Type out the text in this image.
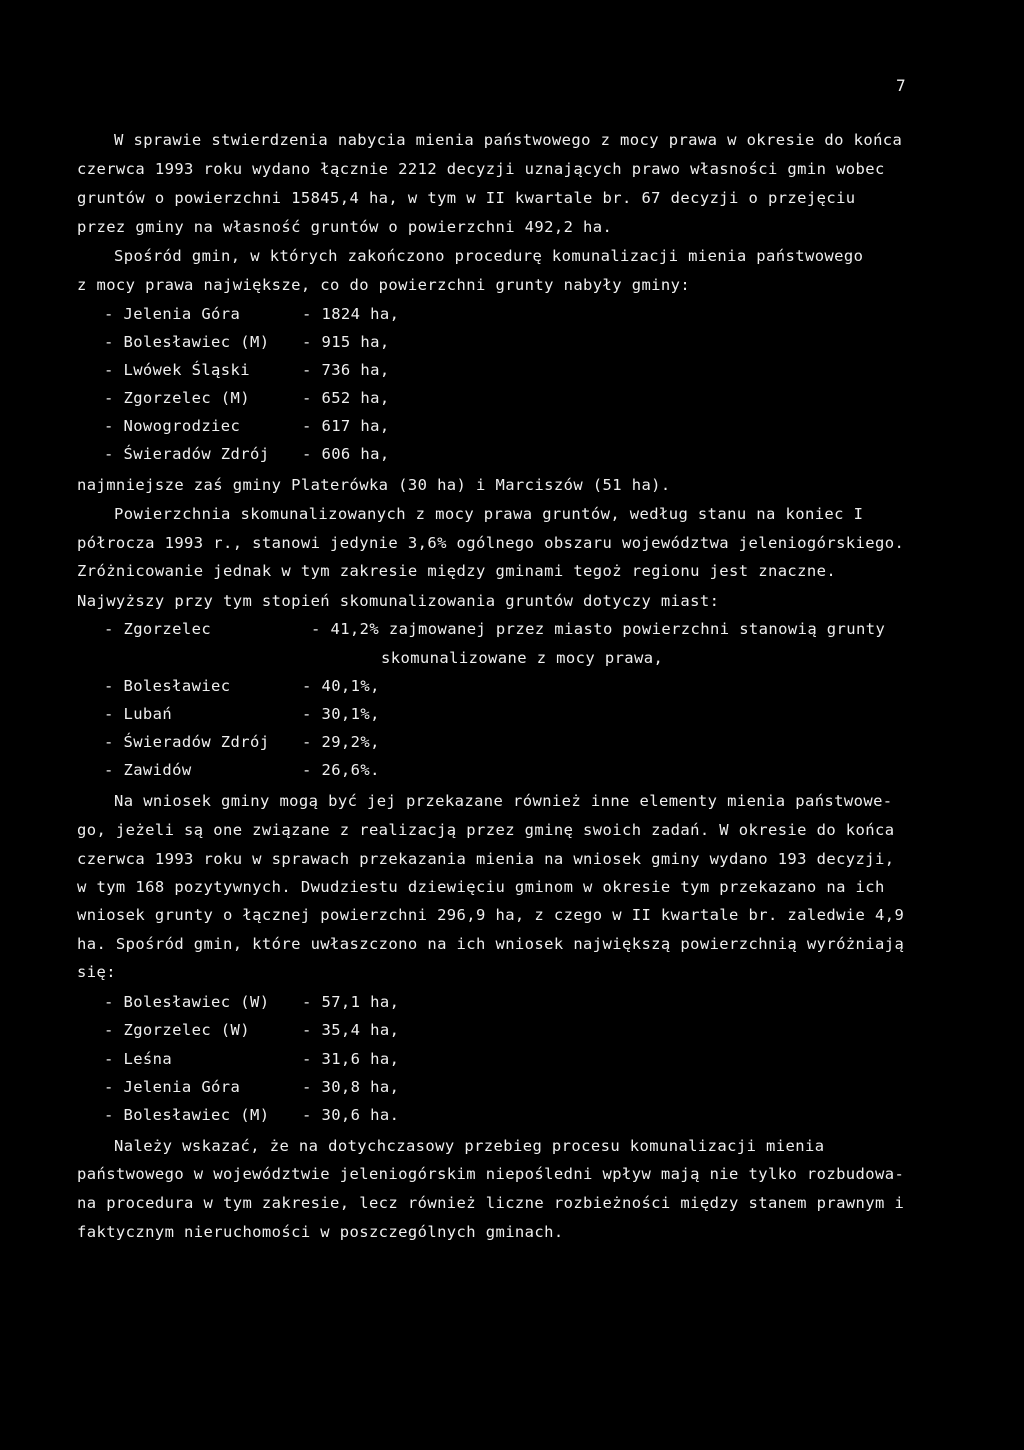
7
W sprawie stwierdzenia nabycia mienia państwowego z mocy prawa w okresie do końca
czerwca 1993 roku wydano łącznie 2212 decyzji uznających prawo własności gmin wobec
gruntów o powierzchni 15845,4 ha, w tym w II kwartale br. 67 decyzji o przejęciu
przez gminy na własność gruntów o powierzchni 492,2 ha.
Spośród gmin, w których zakończono procedurę komunalizacji mienia państwowego
z mocy prawa największe, co do powierzchni grunty nabyły gminy:
- Jelenia Góra	- 1824 ha,
- Bolesławiec (M) - 915 ha,
- Lwówek Śląski	- 736 ha,
- Zgorzelec (M)	- 652 ha,
- Nowogrodziec	- 617 ha,
- Świeradów Zdrój - 606 ha,
najmniejsze zaś gminy Platerówka (30 ha) i Marciszów (51 ha).
Powierzchnia skomunalizowanych z mocy prawa gruntów, według stanu na koniec I
półrocza 1993 r., stanowi jedynie 3,6% ogólnego obszaru województwa jeleniogórskiego.
Zróżnicowanie jednak w tym zakresie między gminami tegoż regionu jest znaczne.
Najwyższy przy tym stopień skomunalizowania gruntów dotyczy miast:
- Zgorzelec	- 41,2% zajmowanej przez miasto powierzchni stanowią grunty
skomunalizowane z mocy prawa,
- Bolesławiec	- 40,1%,
- Lubań	- 30,1%,
- Świeradów Zdrój - 29,2%,
- Zawidów	- 26,6%.
Na wniosek gminy mogą być jej przekazane również inne elementy mienia państwowe-
go, jeżeli są one związane z realizacją przez gminę swoich zadań. W okresie do końca
czerwca 1993 roku w sprawach przekazania mienia na wniosek gminy wydano 193 decyzji,
w tym 168 pozytywnych. Dwudziestu dziewięciu gminom w okresie tym przekazano na ich
wniosek grunty o łącznej powierzchni 296,9 ha, z czego w II kwartale br. zaledwie 4,9
ha. Spośród gmin, które uwłaszczono na ich wniosek największą powierzchnią wyróżniają
się:
- Bolesławiec (W) - 57,1 ha,
- Zgorzelec (W)	- 35,4 ha,
- Leśna	- 31,6 ha,
- Jelenia Góra	- 30,8 ha,
- Bolesławiec (M) - 30,6 ha.
Należy wskazać, że na dotychczasowy przebieg procesu komunalizacji mienia
państwowego w województwie jeleniogórskim niepośledni wpływ mają nie tylko rozbudowa-
na procedura w tym zakresie, lecz również liczne rozbieżności między stanem prawnym i
faktycznym nieruchomości w poszczególnych gminach.
